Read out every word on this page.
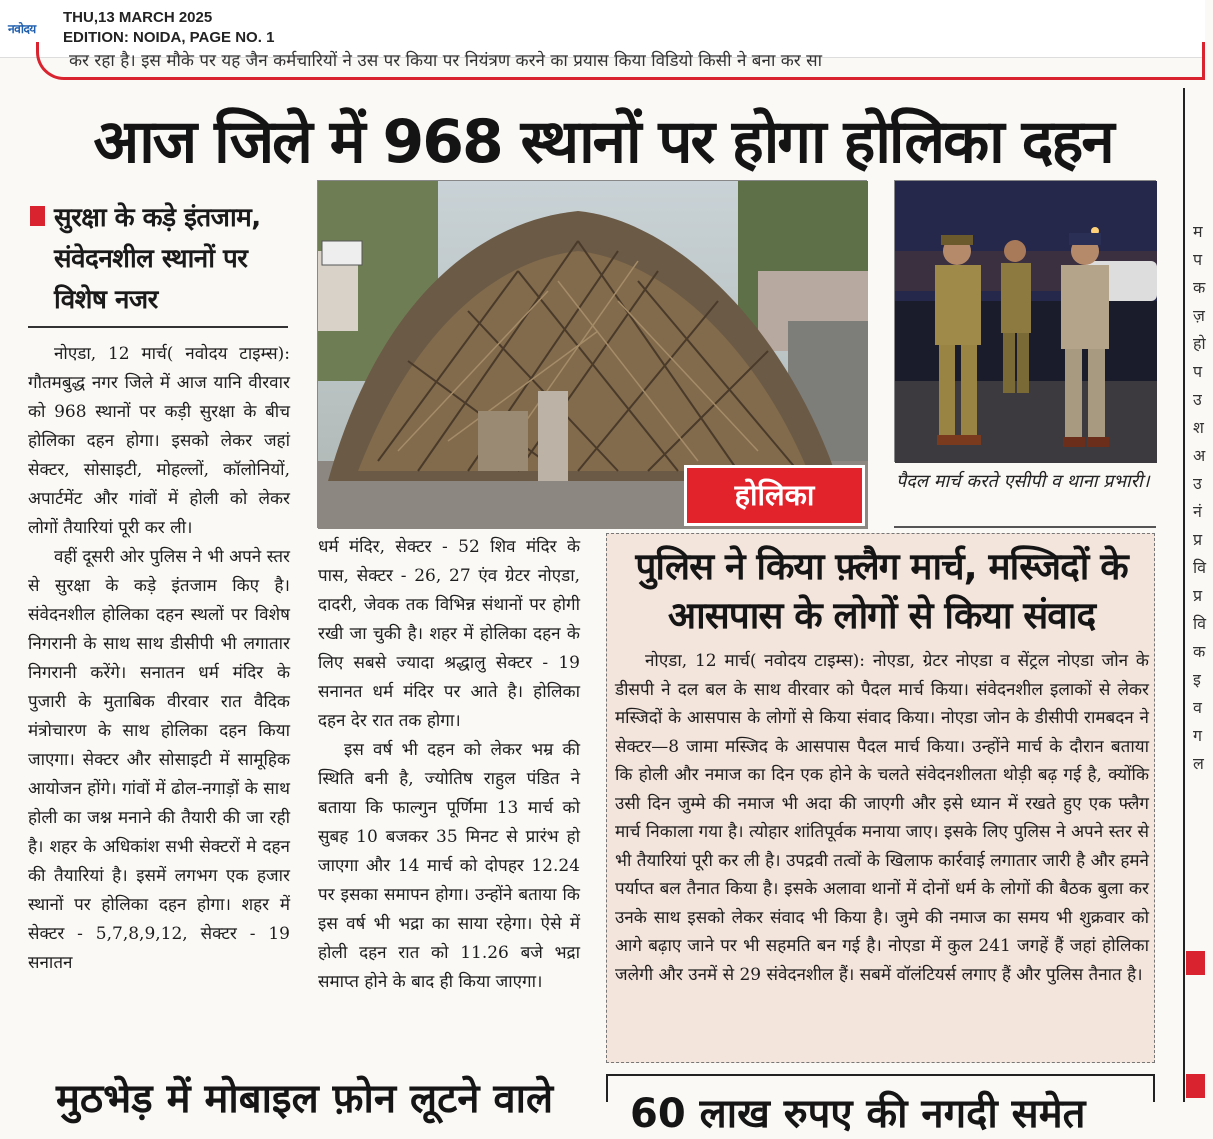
नवोदय
THU,13 MARCH 2025
EDITION: NOIDA, PAGE NO. 1
कर रहा है। इस मौके पर यह जैन कर्मचारियों ने उस पर किया पर नियंत्रण करने का प्रयास किया विडियो किसी ने बना कर सा
म प क ज़ हो प उ श अ उ नं प्र वि प्र वि क इ व ग ल
आज जिले में 968 स्थानों पर होगा होलिका दहन
सुरक्षा के कड़े इंतजाम, संवेदनशील स्थानों पर विशेष नजर

नोएडा, 12 मार्च( नवोदय टाइम्स): गौतमबुद्ध नगर जिले में आज यानि वीरवार को 968 स्थानों पर कड़ी सुरक्षा के बीच होलिका दहन होगा। इसको लेकर जहां सेक्टर, सोसाइटी, मोहल्लों, कॉलोनियों, अपार्टमेंट और गांवों में होली को लेकर लोगों तैयारियां पूरी कर ली।

वहीं दूसरी ओर पुलिस ने भी अपने स्तर से सुरक्षा के कड़े इंतजाम किए है। संवेदनशील होलिका दहन स्थलों पर विशेष निगरानी के साथ साथ डीसीपी भी लगातार निगरानी करेंगे। सनातन धर्म मंदिर के पुजारी के मुताबिक वीरवार रात वैदिक मंत्रोचारण के साथ होलिका दहन किया जाएगा। सेक्टर और सोसाइटी में सामूहिक आयोजन होंगे। गांवों में ढोल-नगाड़ों के साथ होली का जश्न मनाने की तैयारी की जा रही है। शहर के अधिकांश सभी सेक्टरों मे दहन की तैयारियां है। इसमें लगभग एक हजार स्थानों पर होलिका दहन होगा। शहर में सेक्टर - 5,7,8,9,12, सेक्टर - 19 सनातन

होलिका	पैदल मार्च करते एसीपी व थाना प्रभारी।

धर्म मंदिर, सेक्टर - 52 शिव मंदिर के पास, सेक्टर - 26, 27 एंव ग्रेटर नोएडा, दादरी, जेवक तक विभिन्न संथानों पर होगी रखी जा चुकी है। शहर में होलिका दहन के लिए सबसे ज्यादा श्रद्धालु सेक्टर - 19 सनानत धर्म मंदिर पर आते है। होलिका दहन देर रात तक होगा।

इस वर्ष भी दहन को लेकर भम्र की स्थिति बनी है, ज्योतिष राहुल पंडित ने बताया कि फाल्गुन पूर्णिमा 13 मार्च को सुबह 10 बजकर 35 मिनट से प्रारंभ हो जाएगा और 14 मार्च को दोपहर 12.24 पर इसका समापन होगा। उन्होंने बताया कि इस वर्ष भी भद्रा का साया रहेगा। ऐसे में होली दहन रात को 11.26 बजे भद्रा समाप्त होने के बाद ही किया जाएगा।

पुलिस ने किया फ़्लैग मार्च, मस्जिदों के आसपास के लोगों से किया संवाद

नोएडा, 12 मार्च( नवोदय टाइम्स): नोएडा, ग्रेटर नोएडा व सेंट्रल नोएडा जोन के डीसपी ने दल बल के साथ वीरवार को पैदल मार्च किया। संवेदनशील इलाकों से लेकर मस्जिदों के आसपास के लोगों से किया संवाद किया। नोएडा जोन के डीसीपी रामबदन ने सेक्टर—8 जामा मस्जिद के आसपास पैदल मार्च किया। उन्होंने मार्च के दौरान बताया कि होली और नमाज का दिन एक होने के चलते संवेदनशीलता थोड़ी बढ़ गई है, क्योंकि उसी दिन जुम्मे की नमाज भी अदा की जाएगी और इसे ध्यान में रखते हुए एक फ्लैग मार्च निकाला गया है। त्योहार शांतिपूर्वक मनाया जाए। इसके लिए पुलिस ने अपने स्तर से भी तैयारियां पूरी कर ली है। उपद्रवी तत्वों के खिलाफ कार्रवाई लगातार जारी है और हमने पर्याप्त बल तैनात किया है। इसके अलावा थानों में दोनों धर्म के लोगों की बैठक बुला कर उनके साथ इसको लेकर संवाद भी किया है। जुमे की नमाज का समय भी शुक्रवार को आगे बढ़ाए जाने पर भी सहमति बन गई है। नोएडा में कुल 241 जगहें हैं जहां होलिका जलेगी और उनमें से 29 संवेदनशील हैं। सबमें वॉलंटियर्स लगाए हैं और पुलिस तैनात है।

मुठभेड़ में मोबाइल फ़ोन लूटने वाले 60 लाख रुपए की नगदी समेत
